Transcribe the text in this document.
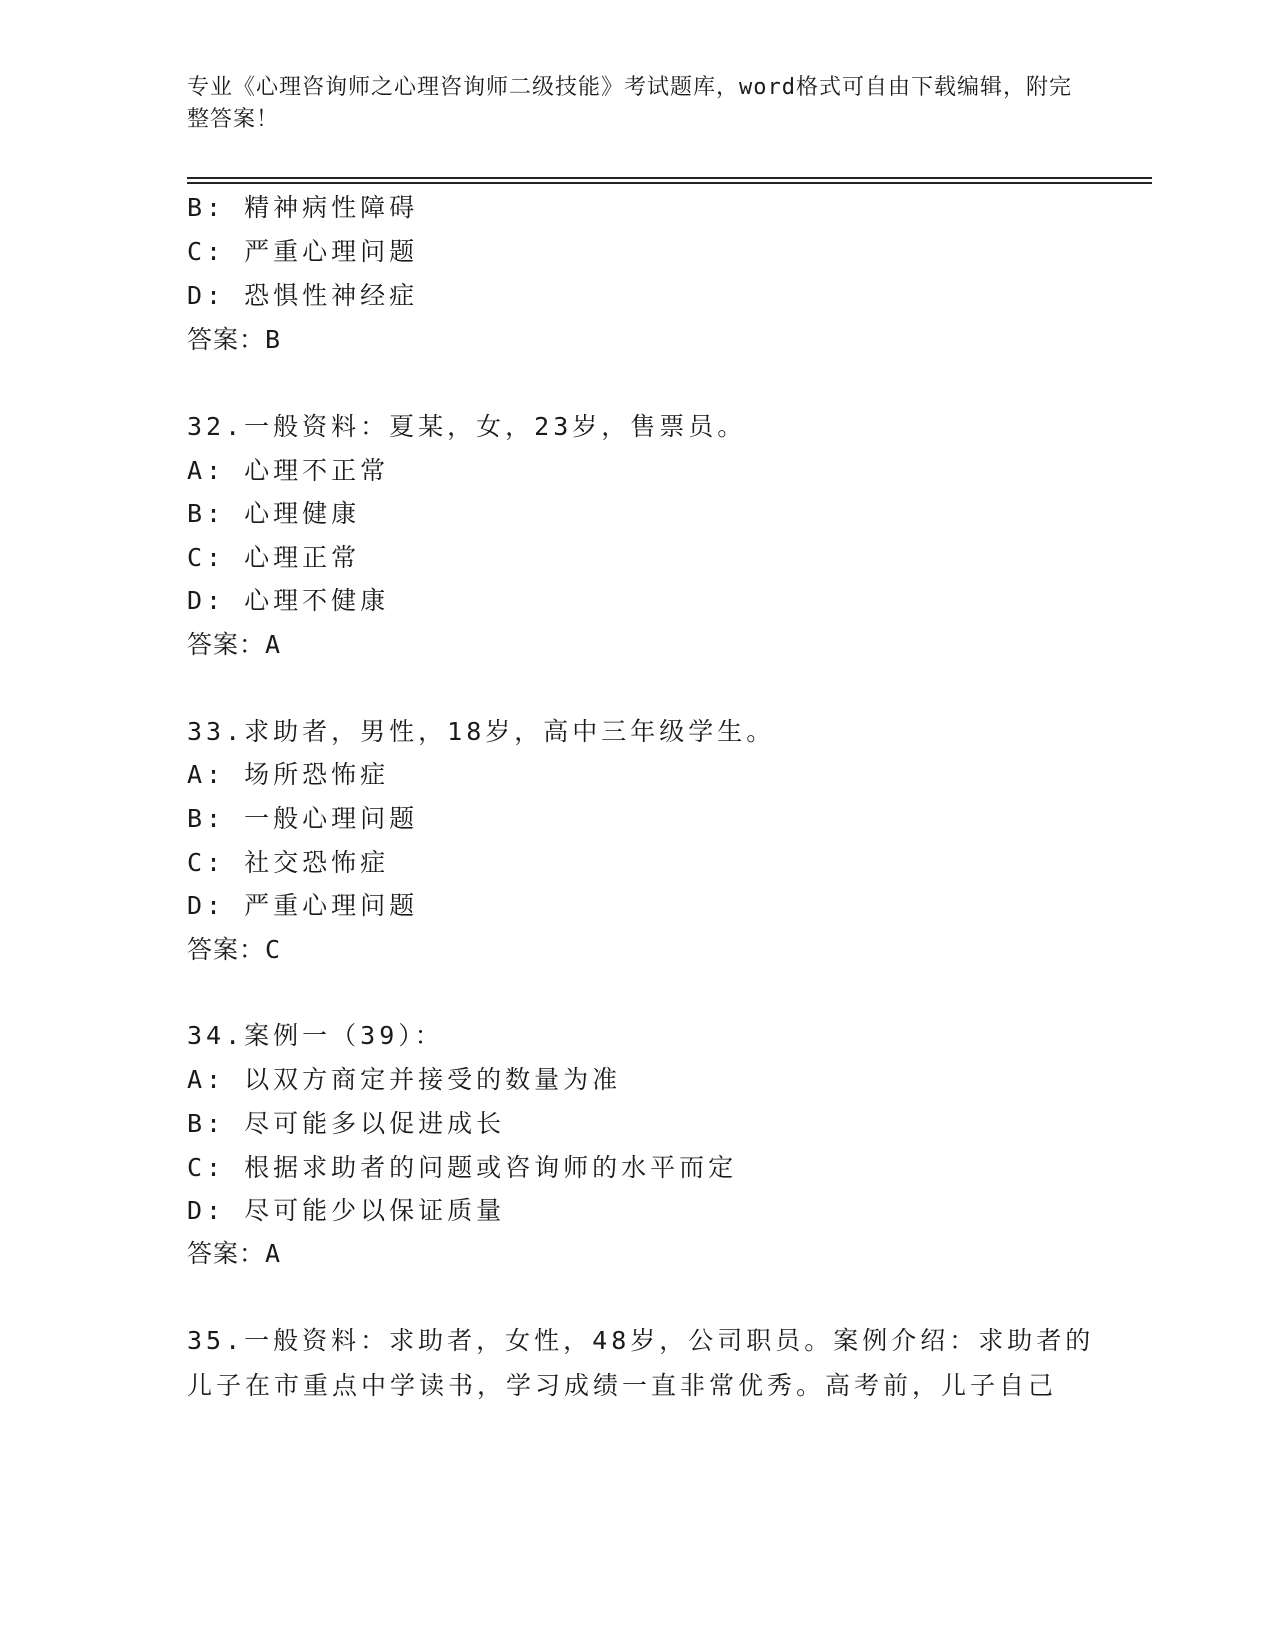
专业《心理咨询师之心理咨询师二级技能》考试题库，word格式可自由下载编辑，附完整答案！
B: 精神病性障碍
C: 严重心理问题
D: 恐惧性神经症
答案：B
32.一般资料：夏某，女，23岁，售票员。
A: 心理不正常
B: 心理健康
C: 心理正常
D: 心理不健康
答案：A
33.求助者，男性，18岁，高中三年级学生。
A: 场所恐怖症
B: 一般心理问题
C: 社交恐怖症
D: 严重心理问题
答案：C
34.案例一（39）：
A: 以双方商定并接受的数量为准
B: 尽可能多以促进成长
C: 根据求助者的问题或咨询师的水平而定
D: 尽可能少以保证质量
答案：A
35.一般资料：求助者，女性，48岁，公司职员。案例介绍：求助者的
儿子在市重点中学读书，学习成绩一直非常优秀。高考前，儿子自己
